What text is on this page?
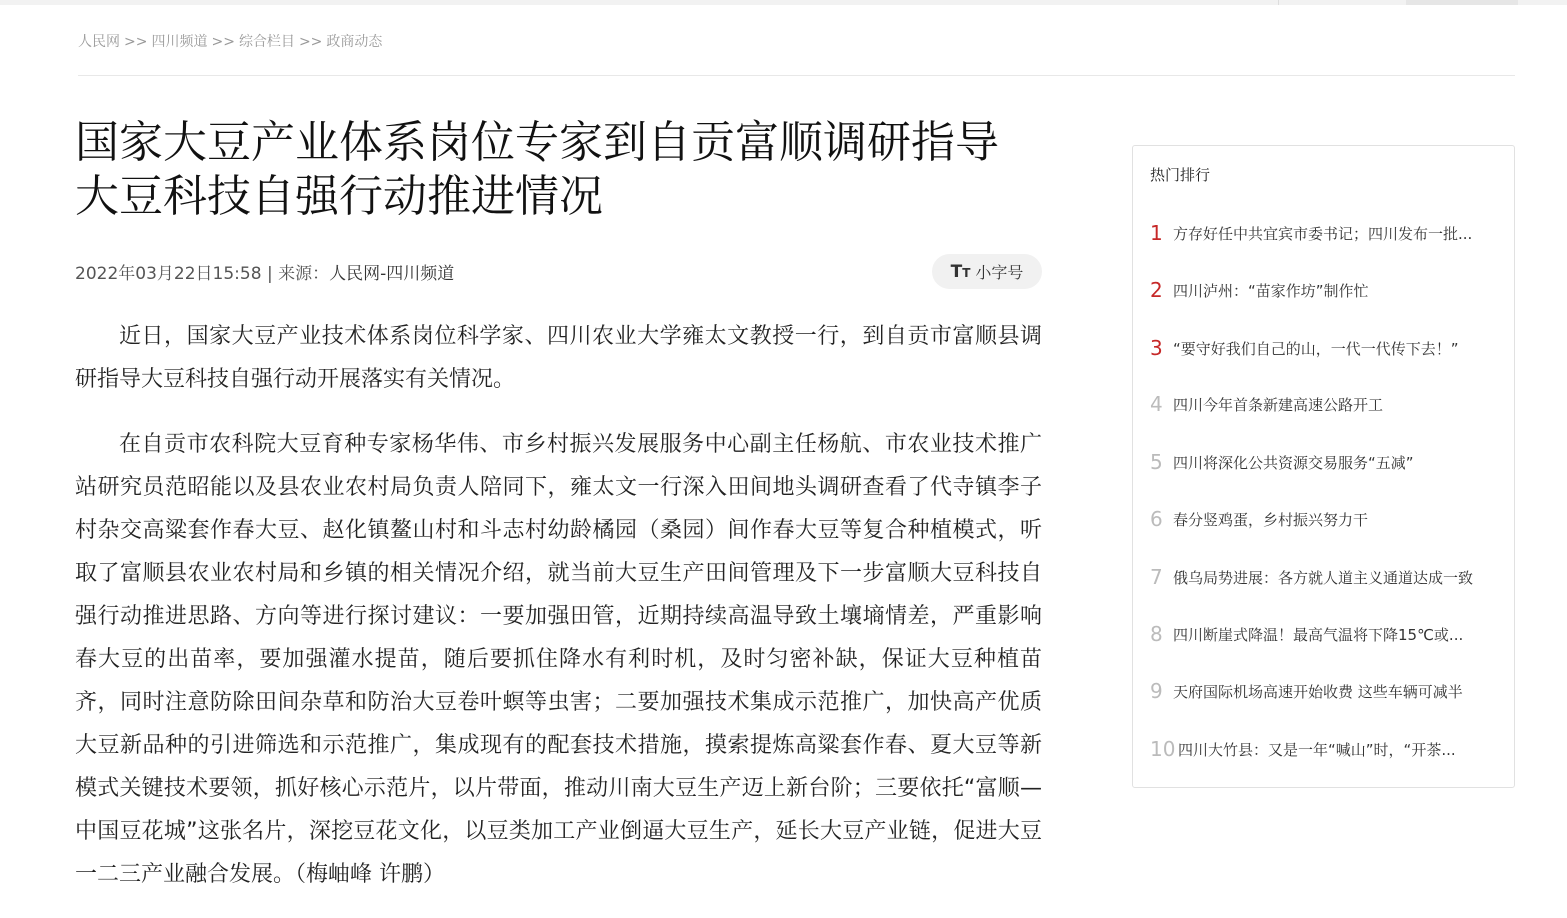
人民网 >> 四川频道 >> 综合栏目 >> 政商动态
国家大豆产业体系岗位专家到自贡富顺调研指导大豆科技自强行动推进情况
2022年03月22日15:58 | 来源：人民网-四川频道	TT 小字号

近日，国家大豆产业技术体系岗位科学家、四川农业大学雍太文教授一行，到自贡市富顺县调研指导大豆科技自强行动开展落实有关情况。

在自贡市农科院大豆育种专家杨华伟、市乡村振兴发展服务中心副主任杨航、市农业技术推广站研究员范昭能以及县农业农村局负责人陪同下，雍太文一行深入田间地头调研查看了代寺镇李子村杂交高粱套作春大豆、赵化镇鳌山村和斗志村幼龄橘园（桑园）间作春大豆等复合种植模式，听取了富顺县农业农村局和乡镇的相关情况介绍，就当前大豆生产田间管理及下一步富顺大豆科技自强行动推进思路、方向等进行探讨建议：一要加强田管，近期持续高温导致土壤墒情差，严重影响春大豆的出苗率，要加强灌水提苗，随后要抓住降水有利时机，及时匀密补缺，保证大豆种植苗齐，同时注意防除田间杂草和防治大豆卷叶螟等虫害；二要加强技术集成示范推广，加快高产优质大豆新品种的引进筛选和示范推广，集成现有的配套技术措施，摸索提炼高粱套作春、夏大豆等新模式关键技术要领，抓好核心示范片，以片带面，推动川南大豆生产迈上新台阶；三要依托“富顺—中国豆花城”这张名片，深挖豆花文化，以豆类加工产业倒逼大豆生产，延长大豆产业链，促进大豆一二三产业融合发展。（梅岫峰 许鹏）

热门排行
1 方存好任中共宜宾市委书记；四川发布一批...
2 四川泸州：“苗家作坊”制作忙
3 “要守好我们自己的山，一代一代传下去！”
4 四川今年首条新建高速公路开工
5 四川将深化公共资源交易服务“五减”
6 春分竖鸡蛋，乡村振兴努力干
7 俄乌局势进展：各方就人道主义通道达成一致
8 四川断崖式降温！最高气温将下降15℃或...
9 天府国际机场高速开始收费 这些车辆可减半
10 四川大竹县：又是一年“喊山”时，“开茶...
